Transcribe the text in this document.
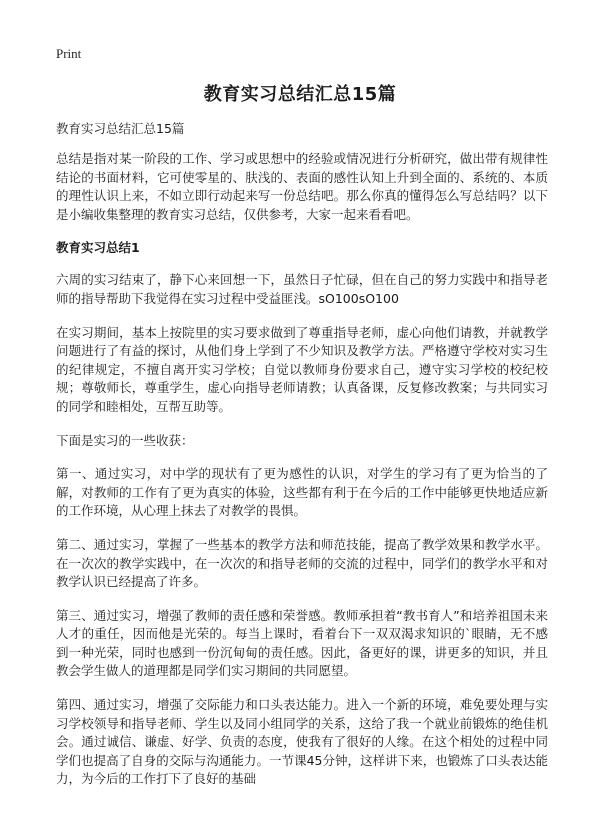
Print
教育实习总结汇总15篇

教育实习总结汇总15篇

总结是指对某一阶段的工作、学习或思想中的经验或情况进行分析研究，做出带有规律性结论的书面材料，它可使零星的、肤浅的、表面的感性认知上升到全面的、系统的、本质的理性认识上来，不如立即行动起来写一份总结吧。那么你真的懂得怎么写总结吗？以下是小编收集整理的教育实习总结，仅供参考，大家一起来看看吧。

教育实习总结1

六周的实习结束了，静下心来回想一下，虽然日子忙碌，但在自己的努力实践中和指导老师的指导帮助下我觉得在实习过程中受益匪浅。sO100sO100

在实习期间，基本上按院里的实习要求做到了尊重指导老师，虚心向他们请教，并就教学问题进行了有益的探讨，从他们身上学到了不少知识及教学方法。严格遵守学校对实习生的纪律规定，不擅自离开实习学校；自觉以教师身份要求自己，遵守实习学校的校纪校规；尊敬师长，尊重学生，虚心向指导老师请教；认真备课，反复修改教案；与共同实习的同学和睦相处，互帮互助等。

下面是实习的一些收获：

第一、通过实习，对中学的现状有了更为感性的认识，对学生的学习有了更为恰当的了解，对教师的工作有了更为真实的体验，这些都有利于在今后的工作中能够更快地适应新的工作环境，从心理上抹去了对教学的畏惧。

第二、通过实习，掌握了一些基本的教学方法和师范技能，提高了教学效果和教学水平。在一次次的教学实践中，在一次次的和指导老师的交流的过程中，同学们的教学水平和对教学认识已经提高了许多。

第三、通过实习，增强了教师的责任感和荣誉感。教师承担着“教书育人”和培养祖国未来人才的重任，因而他是光荣的。每当上课时，看着台下一双双渴求知识的`眼睛，无不感到一种光荣，同时也感到一份沉甸甸的责任感。因此，备更好的课，讲更多的知识，并且教会学生做人的道理都是同学们实习期间的共同愿望。

第四、通过实习，增强了交际能力和口头表达能力。进入一个新的环境，难免要处理与实习学校领导和指导老师、学生以及同小组同学的关系，这给了我一个就业前锻炼的绝佳机会。通过诚信、谦虚、好学、负责的态度，使我有了很好的人缘。在这个相处的过程中同学们也提高了自身的交际与沟通能力。一节课45分钟，这样讲下来，也锻炼了口头表达能力，为今后的工作打下了良好的基础
